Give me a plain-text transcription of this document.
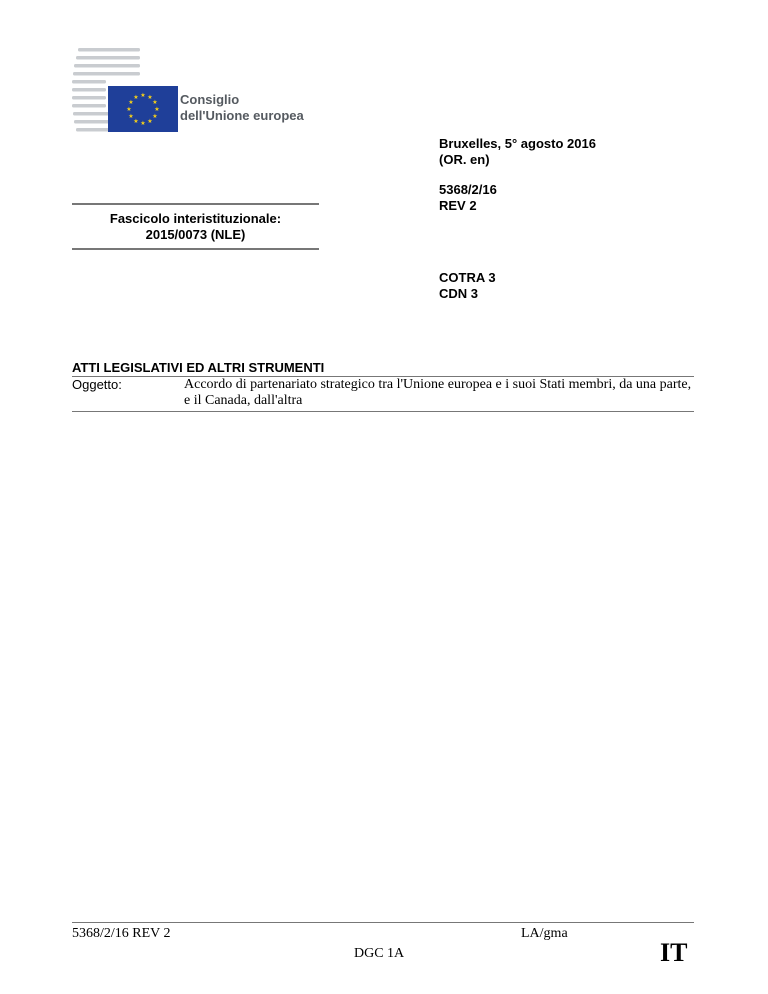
★ ★
★
★
★
★
★
★
★
★
★
★	Consiglio
dell'Unione europea
Bruxelles, 5° agosto 2016
(OR. en)
5368/2/16
REV 2
COTRA 3
CDN 3
Fascicolo interistituzionale:
2015/0073 (NLE)
ATTI LEGISLATIVI ED ALTRI STRUMENTI
Oggetto:	Accordo di partenariato strategico tra l'Unione europea e i suoi Stati membri, da una parte, e il Canada, dall'altra
5368/2/16 REV 2	LA/gma
DGC 1A	IT
